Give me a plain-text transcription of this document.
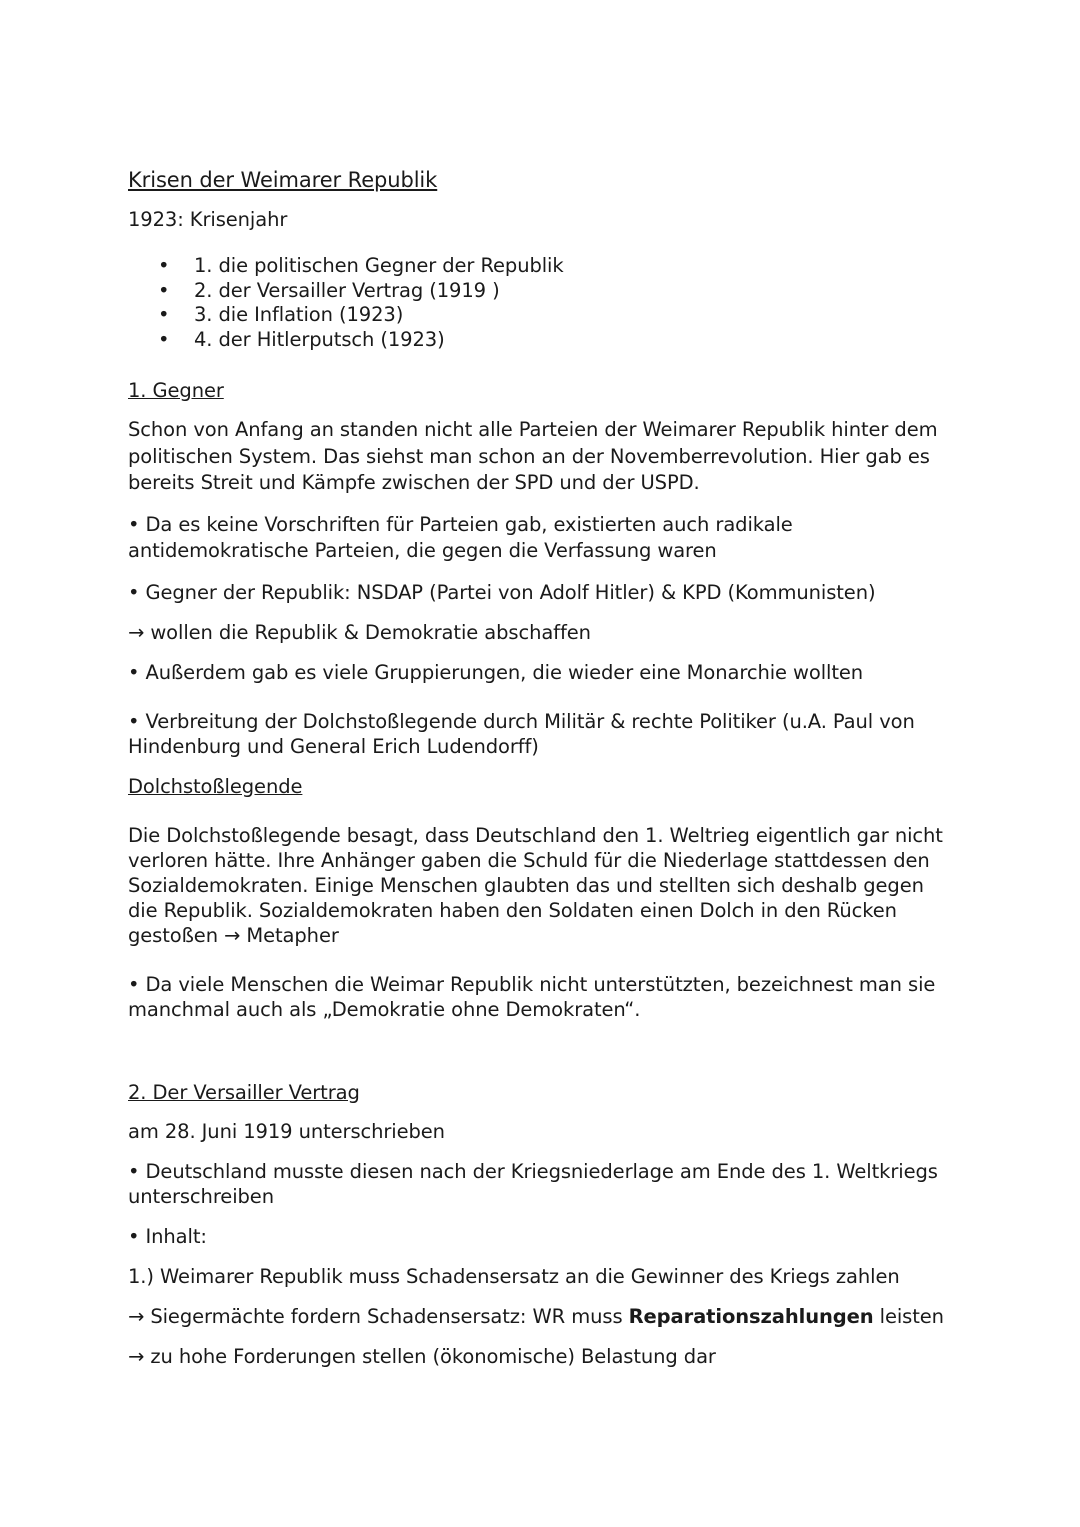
Krisen der Weimarer Republik
1923: Krisenjahr
• 1. die politischen Gegner der Republik
• 2. der Versailler Vertrag (1919 )
• 3. die Inflation (1923)
• 4. der Hitlerputsch (1923)
1. Gegner

Schon von Anfang an standen nicht alle Parteien der Weimarer Republik hinter dem politischen System. Das siehst man schon an der Novemberrevolution. Hier gab es bereits Streit und Kämpfe zwischen der SPD und der USPD.

• Da es keine Vorschriften für Parteien gab, existierten auch radikale antidemokratische Parteien, die gegen die Verfassung waren

• Gegner der Republik: NSDAP (Partei von Adolf Hitler) & KPD (Kommunisten)

→ wollen die Republik & Demokratie abschaffen

• Außerdem gab es viele Gruppierungen, die wieder eine Monarchie wollten

• Verbreitung der Dolchstoßlegende durch Militär & rechte Politiker (u.A. Paul von Hindenburg und General Erich Ludendorff)

Dolchstoßlegende

Die Dolchstoßlegende besagt, dass Deutschland den 1. Weltrieg eigentlich gar nicht verloren hätte. Ihre Anhänger gaben die Schuld für die Niederlage stattdessen den Sozialdemokraten. Einige Menschen glaubten das und stellten sich deshalb gegen die Republik. Sozialdemokraten haben den Soldaten einen Dolch in den Rücken gestoßen → Metapher

• Da viele Menschen die Weimar Republik nicht unterstützten, bezeichnest man sie manchmal auch als „Demokratie ohne Demokraten“.

2. Der Versailler Vertrag

am 28. Juni 1919 unterschrieben

• Deutschland musste diesen nach der Kriegsniederlage am Ende des 1. Weltkriegs unterschreiben

• Inhalt:

1.) Weimarer Republik muss Schadensersatz an die Gewinner des Kriegs zahlen

→ Siegermächte fordern Schadensersatz: WR muss Reparationszahlungen leisten

→ zu hohe Forderungen stellen (ökonomische) Belastung dar
